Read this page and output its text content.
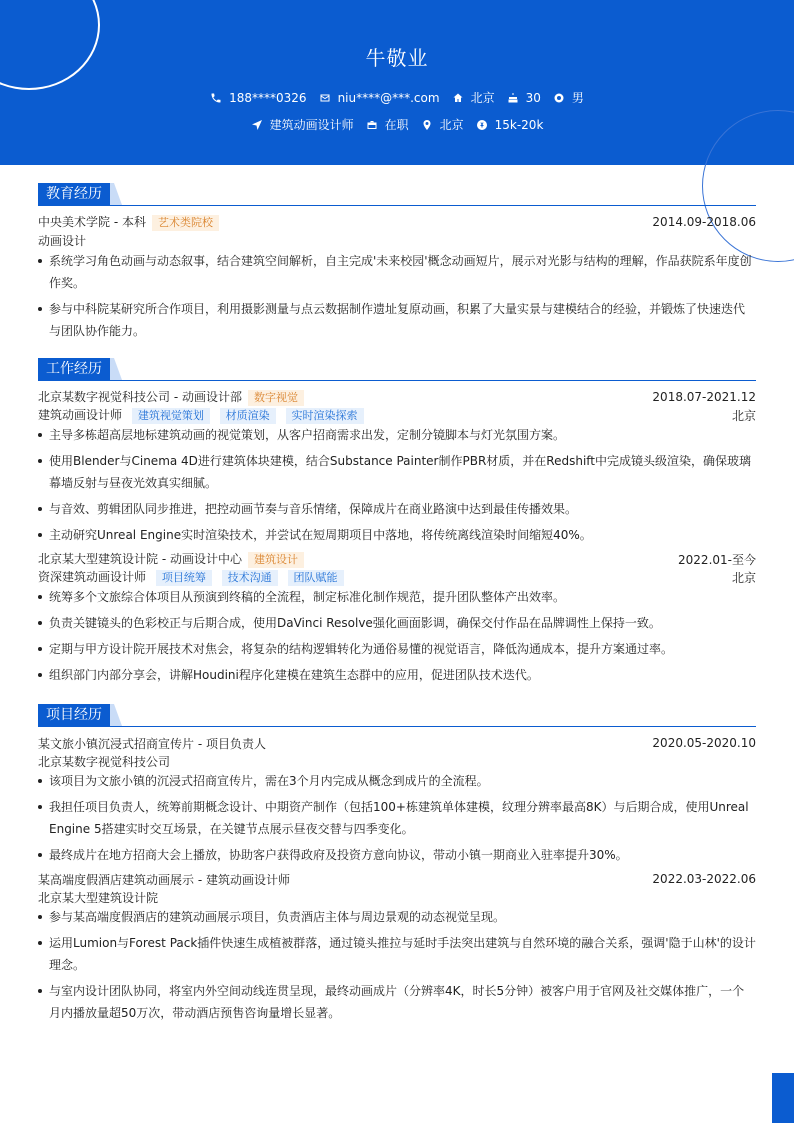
牛敬业
188****0326	niu****@***.com	北京	30	男
建筑动画设计师	在职	北京	15k-20k
教育经历
中央美术学院 - 本科 艺术类院校	2014.09-2018.06
动画设计
系统学习角色动画与动态叙事，结合建筑空间解析，自主完成'未来校园'概念动画短片，展示对光影与结构的理解，作品获院系年度创作奖。
参与中科院某研究所合作项目，利用摄影测量与点云数据制作遗址复原动画，积累了大量实景与建模结合的经验，并锻炼了快速迭代与团队协作能力。
工作经历
北京某数字视觉科技公司 - 动画设计部 数字视觉	2018.07-2021.12
建筑动画设计师 建筑视觉策划 材质渲染 实时渲染探索	北京
主导多栋超高层地标建筑动画的视觉策划，从客户招商需求出发，定制分镜脚本与灯光氛围方案。
使用Blender与Cinema 4D进行建筑体块建模，结合Substance Painter制作PBR材质，并在Redshift中完成镜头级渲染，确保玻璃幕墙反射与昼夜光效真实细腻。
与音效、剪辑团队同步推进，把控动画节奏与音乐情绪，保障成片在商业路演中达到最佳传播效果。
主动研究Unreal Engine实时渲染技术，并尝试在短周期项目中落地，将传统离线渲染时间缩短40%。
北京某大型建筑设计院 - 动画设计中心 建筑设计	2022.01-至今
资深建筑动画设计师 项目统筹 技术沟通 团队赋能	北京
统筹多个文旅综合体项目从预演到终稿的全流程，制定标准化制作规范，提升团队整体产出效率。
负责关键镜头的色彩校正与后期合成，使用DaVinci Resolve强化画面影调，确保交付作品在品牌调性上保持一致。
定期与甲方设计院开展技术对焦会，将复杂的结构逻辑转化为通俗易懂的视觉语言，降低沟通成本，提升方案通过率。
组织部门内部分享会，讲解Houdini程序化建模在建筑生态群中的应用，促进团队技术迭代。
项目经历
某文旅小镇沉浸式招商宣传片 - 项目负责人	2020.05-2020.10
北京某数字视觉科技公司
该项目为文旅小镇的沉浸式招商宣传片，需在3个月内完成从概念到成片的全流程。
我担任项目负责人，统筹前期概念设计、中期资产制作（包括100+栋建筑单体建模，纹理分辨率最高8K）与后期合成，使用Unreal Engine 5搭建实时交互场景，在关键节点展示昼夜交替与四季变化。
最终成片在地方招商大会上播放，协助客户获得政府及投资方意向协议，带动小镇一期商业入驻率提升30%。
某高端度假酒店建筑动画展示 - 建筑动画设计师	2022.03-2022.06
北京某大型建筑设计院
参与某高端度假酒店的建筑动画展示项目，负责酒店主体与周边景观的动态视觉呈现。
运用Lumion与Forest Pack插件快速生成植被群落，通过镜头推拉与延时手法突出建筑与自然环境的融合关系，强调'隐于山林'的设计理念。
与室内设计团队协同，将室内外空间动线连贯呈现，最终动画成片（分辨率4K，时长5分钟）被客户用于官网及社交媒体推广，一个月内播放量超50万次，带动酒店预售咨询量增长显著。
